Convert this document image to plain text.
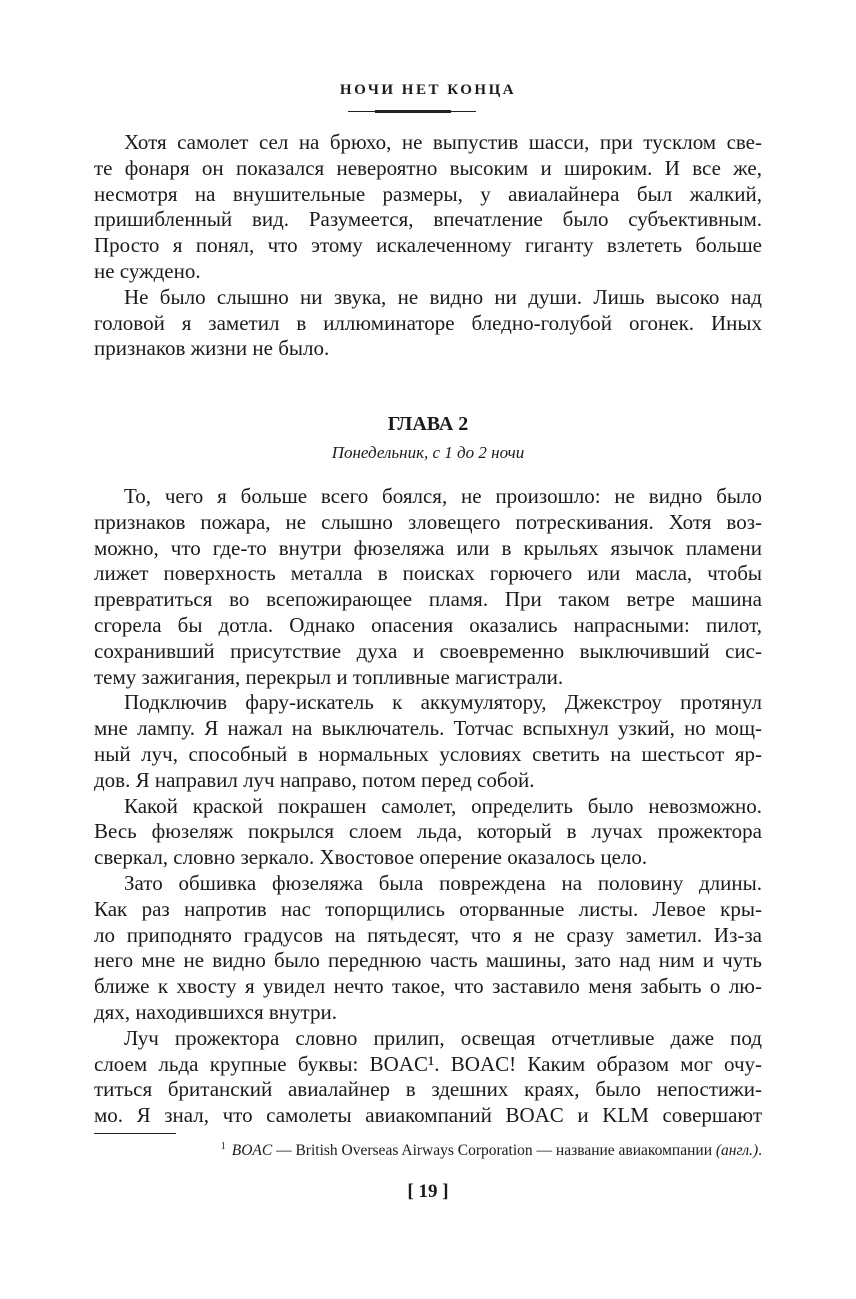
НОЧИ НЕТ КОНЦА
Хотя самолет сел на брюхо, не выпустив шасси, при тусклом све-
те фонаря он показался невероятно высоким и широким. И все же,
несмотря на внушительные размеры, у авиалайнера был жалкий,
пришибленный вид. Разумеется, впечатление было субъективным.
Просто я понял, что этому искалеченному гиганту взлететь больше
не суждено.
Не было слышно ни звука, не видно ни души. Лишь высоко над
головой я заметил в иллюминаторе бледно-голубой огонек. Иных
признаков жизни не было.
ГЛАВА 2
Понедельник, с 1 до 2 ночи
То, чего я больше всего боялся, не произошло: не видно было
признаков пожара, не слышно зловещего потрескивания. Хотя воз-
можно, что где-то внутри фюзеляжа или в крыльях язычок пламени
лижет поверхность металла в поисках горючего или масла, чтобы
превратиться во всепожирающее пламя. При таком ветре машина
сгорела бы дотла. Однако опасения оказались напрасными: пилот,
сохранивший присутствие духа и своевременно выключивший сис-
тему зажигания, перекрыл и топливные магистрали.
Подключив фару-искатель к аккумулятору, Джекстроу протянул
мне лампу. Я нажал на выключатель. Тотчас вспыхнул узкий, но мощ-
ный луч, способный в нормальных условиях светить на шестьсот яр-
дов. Я направил луч направо, потом перед собой.
Какой краской покрашен самолет, определить было невозможно.
Весь фюзеляж покрылся слоем льда, который в лучах прожектора
сверкал, словно зеркало. Хвостовое оперение оказалось цело.
Зато обшивка фюзеляжа была повреждена на половину длины.
Как раз напротив нас топорщились оторванные листы. Левое кры-
ло приподнято градусов на пятьдесят, что я не сразу заметил. Из-за
него мне не видно было переднюю часть машины, зато над ним и чуть
ближе к хвосту я увидел нечто такое, что заставило меня забыть о лю-
дях, находившихся внутри.
Луч прожектора словно прилип, освещая отчетливые даже под
слоем льда крупные буквы: BOAC¹. BOAC! Каким образом мог очу-
титься британский авиалайнер в здешних краях, было непостижи-
мо. Я знал, что самолеты авиакомпаний BOAC и KLM совершают
$^1$ BOAC — British Overseas Airways Corporation — название авиакомпании (англ.).
[ 19 ]
